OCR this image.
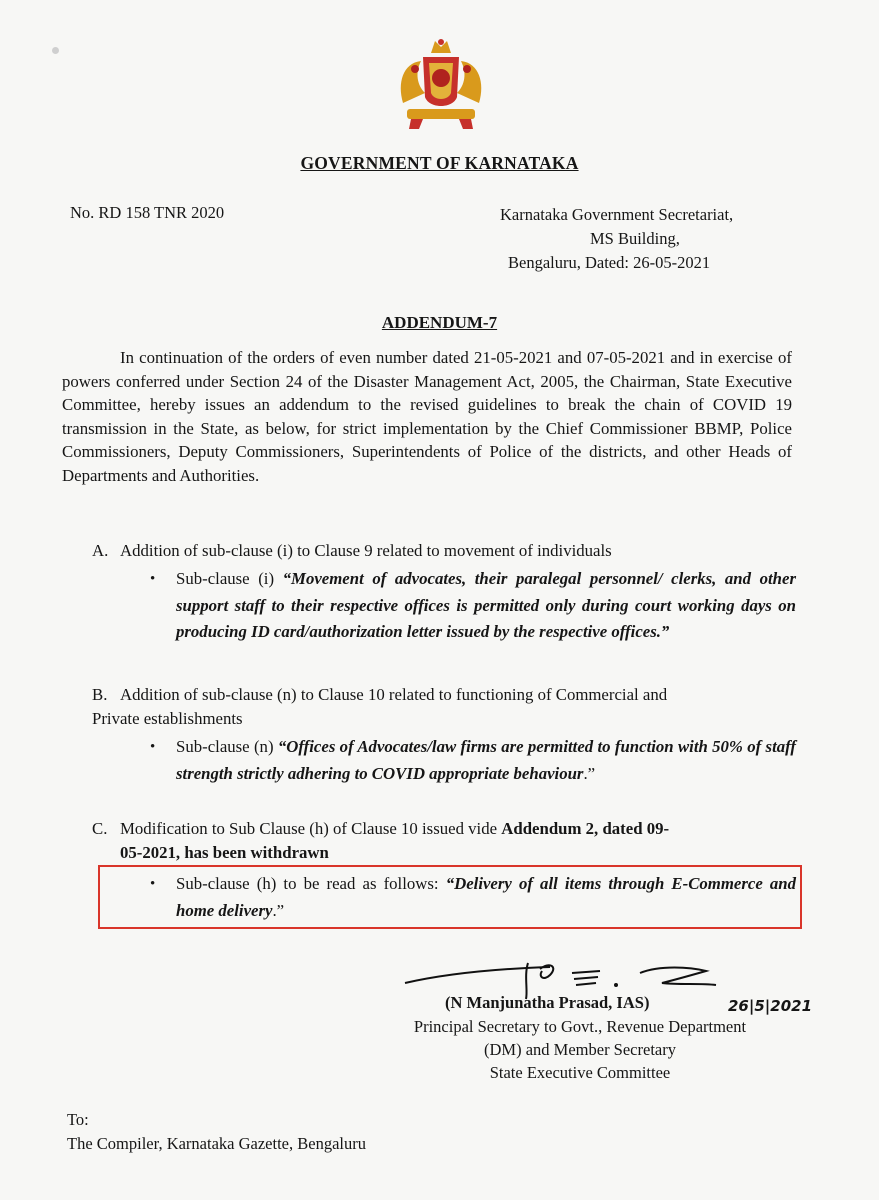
GOVERNMENT OF KARNATAKA
No. RD 158 TNR 2020	Karnataka Government Secretariat,
MS Building,
Bengaluru, Dated: 26-05-2021
ADDENDUM-7
In continuation of the orders of even number dated 21-05-2021 and 07-05-2021 and in exercise of powers conferred under Section 24 of the Disaster Management Act, 2005, the Chairman, State Executive Committee, hereby issues an addendum to the revised guidelines to break the chain of COVID 19 transmission in the State, as below, for strict implementation by the Chief Commissioner BBMP, Police Commissioners, Deputy Commissioners, Superintendents of Police of the districts, and other Heads of Departments and Authorities.
A. Addition of sub-clause (i) to Clause 9 related to movement of individuals
• Sub-clause (i) “Movement of advocates, their paralegal personnel/ clerks, and other support staff to their respective offices is permitted only during court working days on producing ID card/authorization letter issued by the respective offices.”
B. Addition of sub-clause (n) to Clause 10 related to functioning of Commercial and
Private establishments
• Sub-clause (n) “Offices of Advocates/law firms are permitted to function with 50% of staff strength strictly adhering to COVID appropriate behaviour.”
C. Modification to Sub Clause (h) of Clause 10 issued vide Addendum 2, dated 09-
05-2021, has been withdrawn
• Sub-clause (h) to be read as follows: “Delivery of all items through E-Commerce and home delivery.”
(N Manjunatha Prasad, IAS)	26|5|2021
Principal Secretary to Govt., Revenue Department
(DM) and Member Secretary
State Executive Committee
To:
The Compiler, Karnataka Gazette, Bengaluru
